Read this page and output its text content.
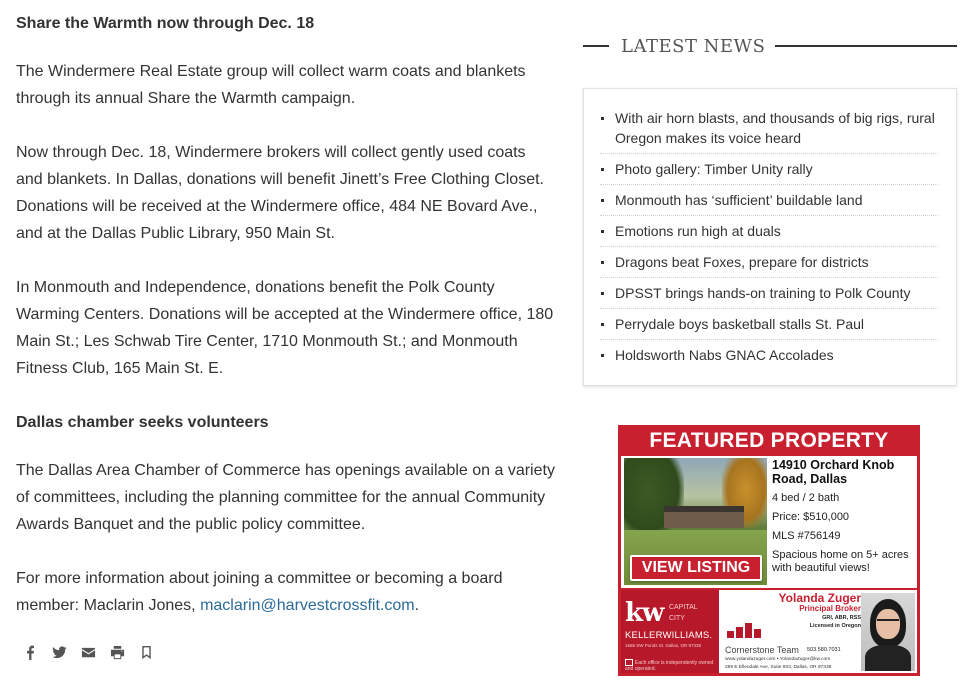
Share the Warmth now through Dec. 18

The Windermere Real Estate group will collect warm coats and blankets through its annual Share the Warmth campaign.

Now through Dec. 18, Windermere brokers will collect gently used coats and blankets. In Dallas, donations will benefit Jinett’s Free Clothing Closet. Donations will be received at the Windermere office, 484 NE Bovard Ave., and at the Dallas Public Library, 950 Main St.

In Monmouth and Independence, donations benefit the Polk County Warming Centers. Donations will be accepted at the Windermere office, 180 Main St.; Les Schwab Tire Center, 1710 Monmouth St.; and Monmouth Fitness Club, 165 Main St. E.

Dallas chamber seeks volunteers

The Dallas Area Chamber of Commerce has openings available on a variety of committees, including the planning committee for the annual Community Awards Banquet and the public policy committee.

For more information about joining a committee or becoming a board member: Maclarin Jones, maclarin@harvestcrossfit.com.

LATEST NEWS
With air horn blasts, and thousands of big rigs, rural Oregon makes its voice heard
Photo gallery: Timber Unity rally
Monmouth has ‘sufficient’ buildable land
Emotions run high at duals
Dragons beat Foxes, prepare for districts
DPSST brings hands-on training to Polk County
Perrydale boys basketball stalls St. Paul
Holdsworth Nabs GNAC Accolades
FEATURED PROPERTY
VIEW LISTING
14910 Orchard Knob Road, Dallas
4 bed / 2 bath
Price: $510,000
MLS #756149
Spacious home on 5+ acres with beautiful views!
kw CAPITAL
CITY
KELLERWILLIAMS.
1665 SW Ponds St. Dallas, OR 97338
Each office is independently owned and operated.
Yolanda Zuger
Principal Broker
GRI, ABR, RSS
Licensed in Oregon
Cornerstone Team 503.580.7031
www.yolandazuger.com • YolandaZuger@kw.com
289 E Ellendale Ave, Suite 603, Dallas, OR 97338
